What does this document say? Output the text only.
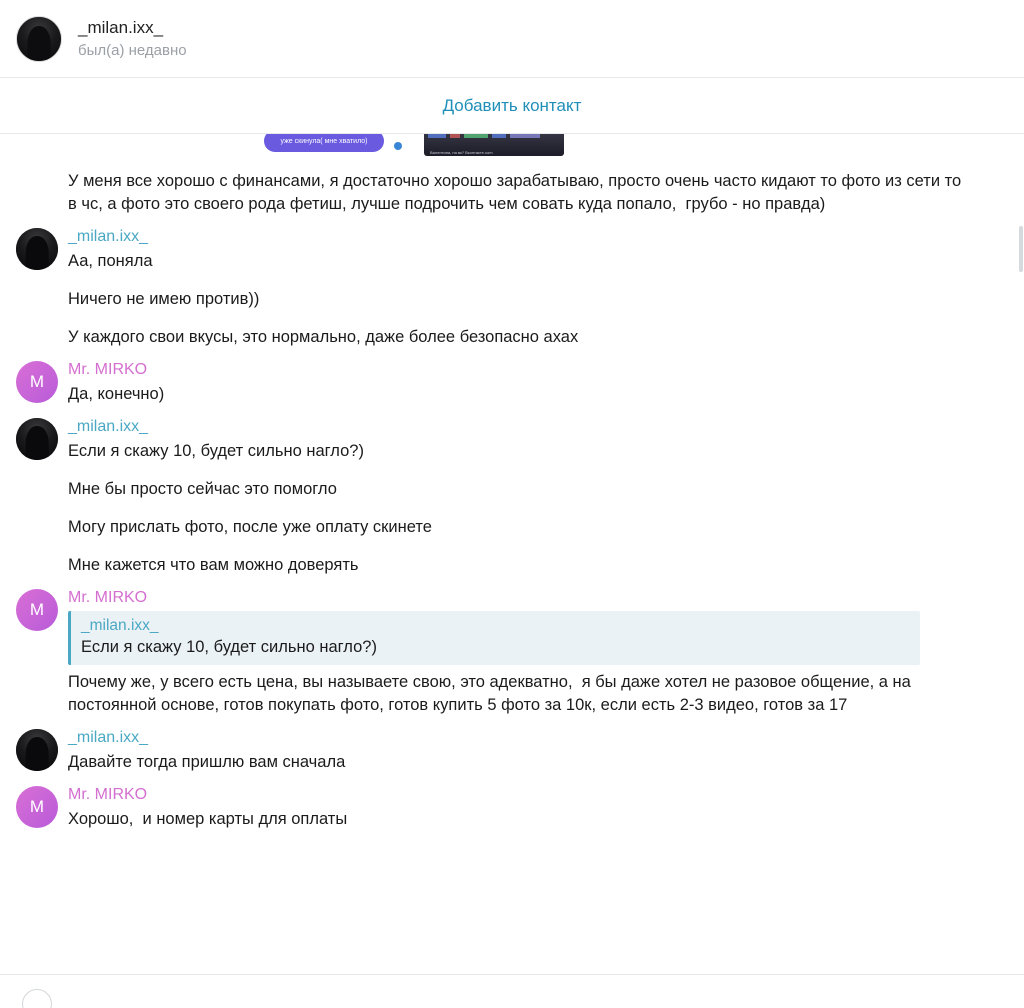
_milan.ixx_
был(а) недавно
Добавить контакт
уже скинула( мне хватило)
Валентина, на вк? Вконтакте.com

У меня все хорошо с финансами, я достаточно хорошо зарабатываю, просто очень часто кидают то фото из сети то в чс, а фото это своего рода фетиш, лучше подрочить чем совать куда попало,  грубо - но правда)

_milan.ixx_

Аа, поняла

Ничего не имею против))

У каждого свои вкусы, это нормально, даже более безопасно ахах

M
Mr. MIRKO

Да, конечно)

_milan.ixx_

Если я скажу 10, будет сильно нагло?)

Мне бы просто сейчас это помогло

Могу прислать фото, после уже оплату скинете

Мне кажется что вам можно доверять

M
Mr. MIRKO
_milan.ixx_
Если я скажу 10, будет сильно нагло?)

Почему же, у всего есть цена, вы называете свою, это адекватно,  я бы даже хотел не разовое общение, а на постоянной основе, готов покупать фото, готов купить 5 фото за 10к, если есть 2-3 видео, готов за 17

_milan.ixx_

Давайте тогда пришлю вам сначала

M
Mr. MIRKO

Хорошо,  и номер карты для оплаты
